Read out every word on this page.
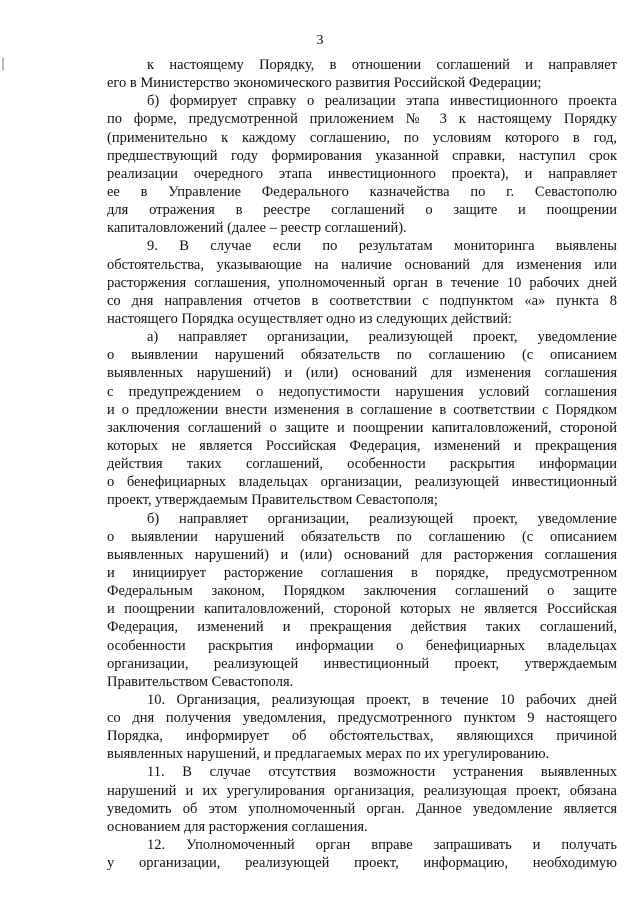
3
к настоящему Порядку, в отношении соглашений и направляет
его в Министерство экономического развития Российской Федерации;
б) формирует справку о реализации этапа инвестиционного проекта
по форме, предусмотренной приложением № 3 к настоящему Порядку
(применительно к каждому соглашению, по условиям которого в год,
предшествующий году формирования указанной справки, наступил срок
реализации очередного этапа инвестиционного проекта), и направляет
ее в Управление Федерального казначейства по г. Севастополю
для отражения в реестре соглашений о защите и поощрении
капиталовложений (далее – реестр соглашений).
9. В случае если по результатам мониторинга выявлены
обстоятельства, указывающие на наличие оснований для изменения или
расторжения соглашения, уполномоченный орган в течение 10 рабочих дней
со дня направления отчетов в соответствии с подпунктом «а» пункта 8
настоящего Порядка осуществляет одно из следующих действий:
а) направляет организации, реализующей проект, уведомление
о выявлении нарушений обязательств по соглашению (с описанием
выявленных нарушений) и (или) оснований для изменения соглашения
с предупреждением о недопустимости нарушения условий соглашения
и о предложении внести изменения в соглашение в соответствии с Порядком
заключения соглашений о защите и поощрении капиталовложений, стороной
которых не является Российская Федерация, изменений и прекращения
действия таких соглашений, особенности раскрытия информации
о бенефициарных владельцах организации, реализующей инвестиционный
проект, утверждаемым Правительством Севастополя;
б) направляет организации, реализующей проект, уведомление
о выявлении нарушений обязательств по соглашению (с описанием
выявленных нарушений) и (или) оснований для расторжения соглашения
и инициирует расторжение соглашения в порядке, предусмотренном
Федеральным законом, Порядком заключения соглашений о защите
и поощрении капиталовложений, стороной которых не является Российская
Федерация, изменений и прекращения действия таких соглашений,
особенности раскрытия информации о бенефициарных владельцах
организации, реализующей инвестиционный проект, утверждаемым
Правительством Севастополя.
10. Организация, реализующая проект, в течение 10 рабочих дней
со дня получения уведомления, предусмотренного пунктом 9 настоящего
Порядка, информирует об обстоятельствах, являющихся причиной
выявленных нарушений, и предлагаемых мерах по их урегулированию.
11. В случае отсутствия возможности устранения выявленных
нарушений и их урегулирования организация, реализующая проект, обязана
уведомить об этом уполномоченный орган. Данное уведомление является
основанием для расторжения соглашения.
12. Уполномоченный орган вправе запрашивать и получать
у организации, реализующей проект, информацию, необходимую
